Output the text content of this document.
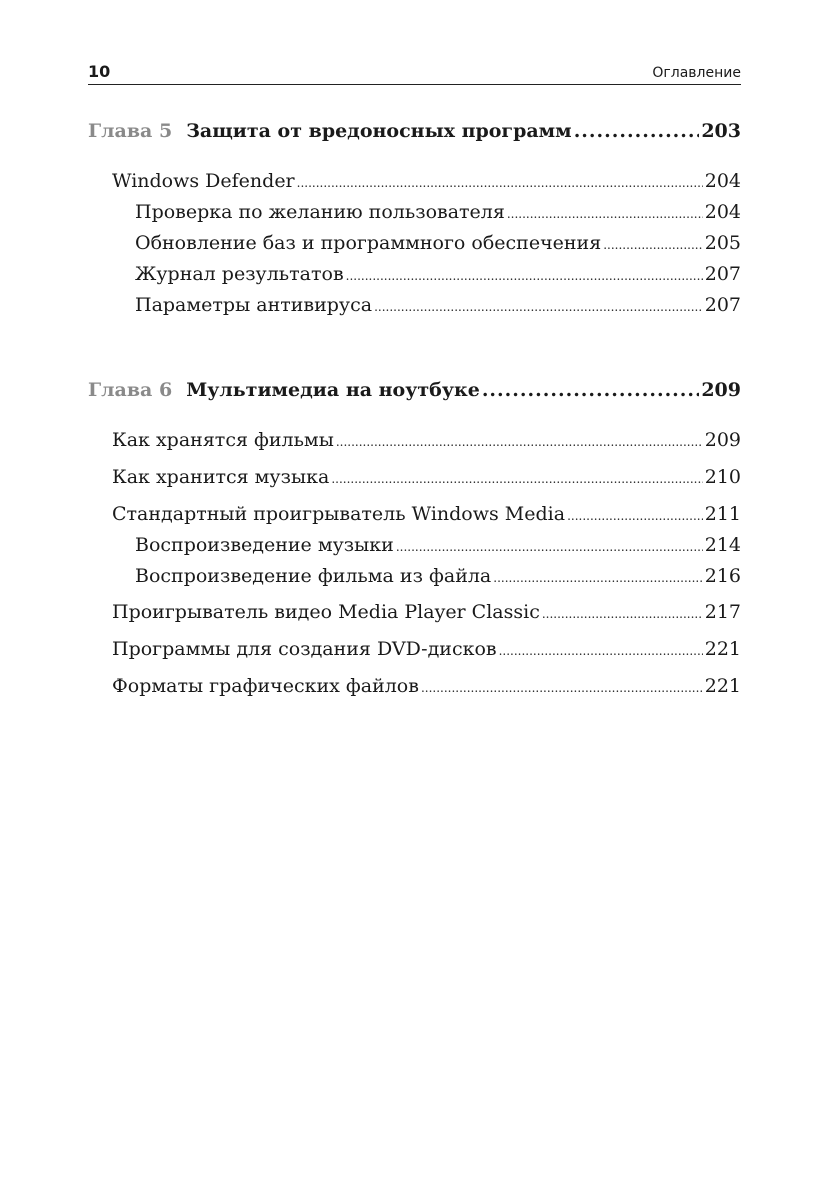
10	Оглавление
Глава 5 Защита от вредоносных программ .....	203
Windows Defender .....	204
Проверка по желанию пользователя .....	204
Обновление баз и программного обеспечения .....	205
Журнал результатов .....	207
Параметры антивируса .....	207
Глава 6 Мультимедиа на ноутбуке .....	209
Как хранятся фильмы .....	209
Как хранится музыка .....	210
Стандартный проигрыватель Windows Media .....	211
Воспроизведение музыки .....	214
Воспроизведение фильма из файла .....	216
Проигрыватель видео Media Player Classic .....	217
Программы для создания DVD-дисков .....	221
Форматы графических файлов .....	221
